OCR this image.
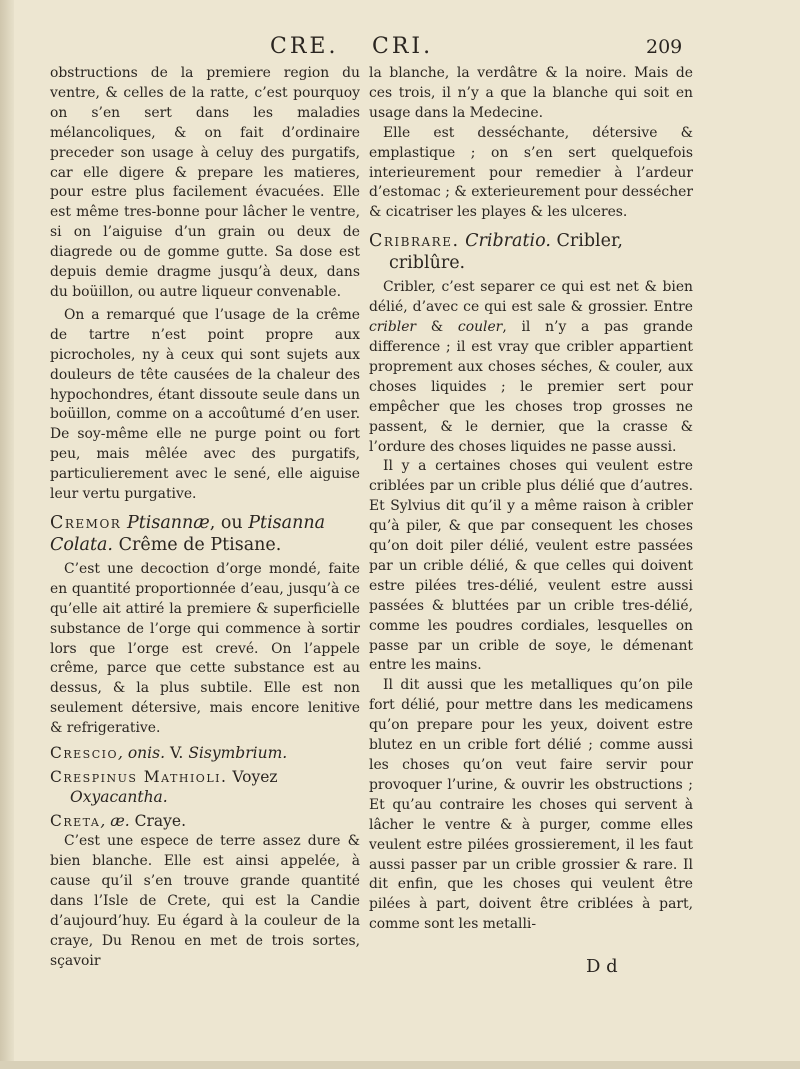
CRE. CRI.	209

obstructions de la premiere region du ventre, & celles de la ratte, c’est pourquoy on s’en sert dans les maladies mélancoliques, & on fait d’ordinaire preceder son usage à celuy des purgatifs, car elle digere & prepare les matieres, pour estre plus facilement évacuées. Elle est même tres-bonne pour lâcher le ventre, si on l’aiguise d’un grain ou deux de diagrede ou de gomme gutte. Sa dose est depuis demie dragme jusqu’à deux, dans du boüillon, ou autre liqueur convenable.

On a remarqué que l’usage de la crême de tartre n’est point propre aux picrocholes, ny à ceux qui sont sujets aux douleurs de tête causées de la chaleur des hypochondres, étant dissoute seule dans un boüillon, comme on a accoûtumé d’en user. De soy-même elle ne purge point ou fort peu, mais mêlée avec des purgatifs, particulierement avec le sené, elle aiguise leur vertu purgative.

Cremor Ptisannæ, ou Ptisanna Colata. Crême de Ptisane.

C’est une decoction d’orge mondé, faite en quantité proportionnée d’eau, jusqu’à ce qu’elle ait attiré la premiere & superficielle substance de l’orge qui commence à sortir lors que l’orge est crevé. On l’appele crême, parce que cette substance est au dessus, & la plus subtile. Elle est non seulement détersive, mais encore lenitive & refrigerative.

Crescio, onis. V. Sisymbrium.
Crespinus Mathioli. Voyez
Oxyacantha.
Creta, æ. Craye.

C’est une espece de terre assez dure & bien blanche. Elle est ainsi appelée, à cause qu’il s’en trouve grande quantité dans l’Isle de Crete, qui est la Candie d’aujourd’huy. Eu égard à la couleur de la craye, Du Renou en met de trois sortes, sçavoir

la blanche, la verdâtre & la noire. Mais de ces trois, il n’y a que la blanche qui soit en usage dans la Medecine.

Elle est desséchante, détersive & emplastique ; on s’en sert quelquefois interieurement pour remedier à l’ardeur d’estomac ; & exterieurement pour dessécher & cicatriser les playes & les ulceres.

Cribrare. Cribratio. Cribler,
criblûre.

Cribler, c’est separer ce qui est net & bien délié, d’avec ce qui est sale & grossier. Entre cribler & couler, il n’y a pas grande difference ; il est vray que cribler appartient proprement aux choses séches, & couler, aux choses liquides ; le premier sert pour empêcher que les choses trop grosses ne passent, & le dernier, que la crasse & l’ordure des choses liquides ne passe aussi.

Il y a certaines choses qui veulent estre criblées par un crible plus délié que d’autres. Et Sylvius dit qu’il y a même raison à cribler qu’à piler, & que par consequent les choses qu’on doit piler délié, veulent estre passées par un crible délié, & que celles qui doivent estre pilées tres-délié, veulent estre aussi passées & bluttées par un crible tres-délié, comme les poudres cordiales, lesquelles on passe par un crible de soye, le démenant entre les mains.

Il dit aussi que les metalliques qu’on pile fort délié, pour mettre dans les medicamens qu’on prepare pour les yeux, doivent estre blutez en un crible fort délié ; comme aussi les choses qu’on veut faire servir pour provoquer l’urine, & ouvrir les obstructions ; Et qu’au contraire les choses qui servent à lâcher le ventre & à purger, comme elles veulent estre pilées grossierement, il les faut aussi passer par un crible grossier & rare. Il dit enfin, que les choses qui veulent être pilées à part, doivent être criblées à part, comme sont les metalli-

D d
